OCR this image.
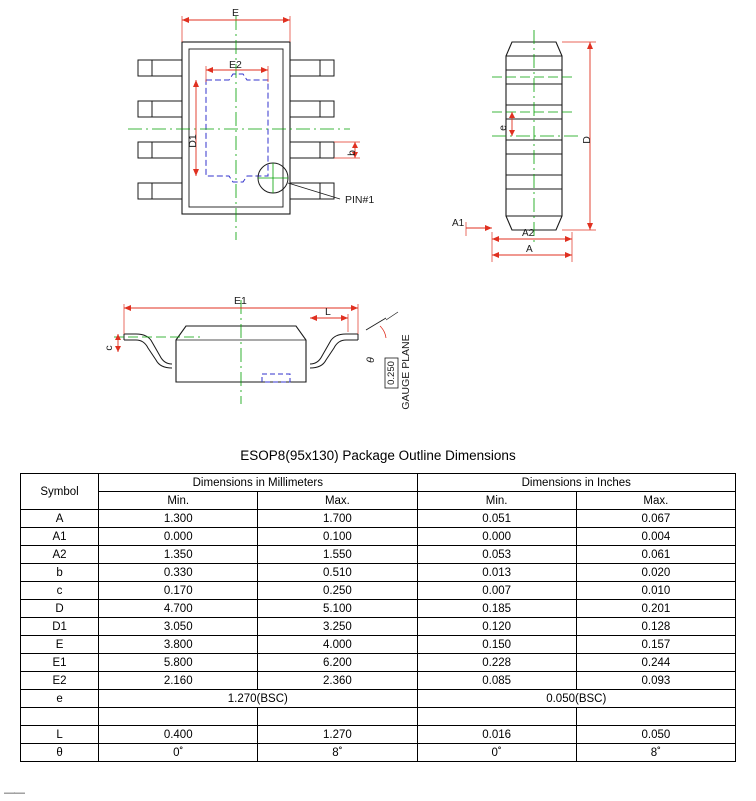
PIN#1
E
E2
D1
b
e
D
A1
A2
A
E1
L
c
θ
0.250 GAUGE PLANE
ESOP8(95x130) Package Outline Dimensions
Symbol	Dimensions in Millimeters		Dimensions in Inches	
	Min.	Max.	Min.	Max.
A	1.300	1.700	0.051	0.067
A1	0.000	0.100	0.000	0.004
A2	1.350	1.550	0.053	0.061
b	0.330	0.510	0.013	0.020
c	0.170	0.250	0.007	0.010
D	4.700	5.100	0.185	0.201
D1	3.050	3.250	0.120	0.128
E	3.800	4.000	0.150	0.157
E1	5.800	6.200	0.228	0.244
E2	2.160	2.360	0.085	0.093
e	1.270(BSC)		0.050(BSC)	

L	0.400	1.270	0.016	0.050
θ	0˚	8˚	0˚	8˚
——
